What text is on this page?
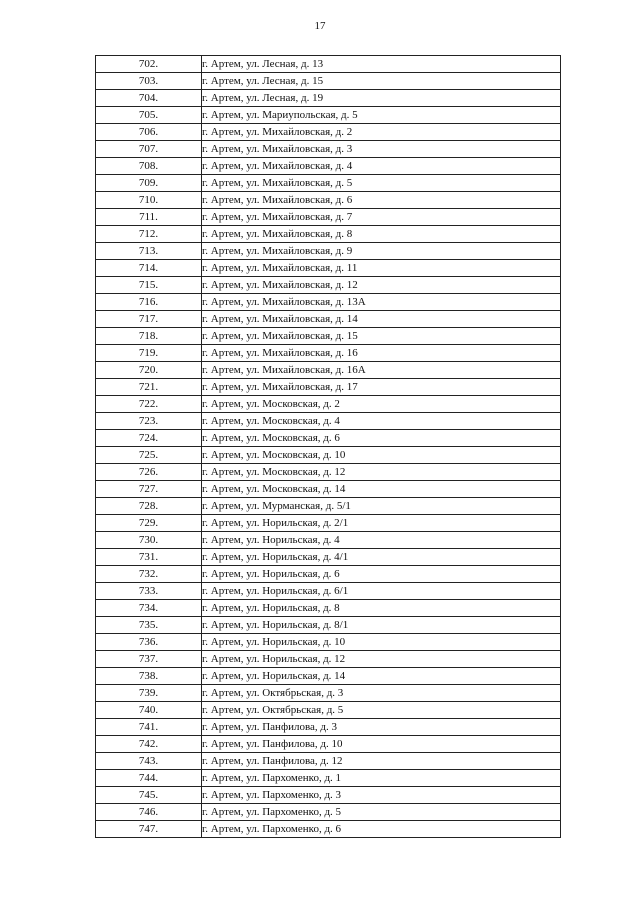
17
702.	г. Артем, ул. Лесная, д. 13
703.	г. Артем, ул. Лесная, д. 15
704.	г. Артем, ул. Лесная, д. 19
705.	г. Артем, ул. Мариупольская, д. 5
706.	г. Артем, ул. Михайловская, д. 2
707.	г. Артем, ул. Михайловская, д. 3
708.	г. Артем, ул. Михайловская, д. 4
709.	г. Артем, ул. Михайловская, д. 5
710.	г. Артем, ул. Михайловская, д. 6
711.	г. Артем, ул. Михайловская, д. 7
712.	г. Артем, ул. Михайловская, д. 8
713.	г. Артем, ул. Михайловская, д. 9
714.	г. Артем, ул. Михайловская, д. 11
715.	г. Артем, ул. Михайловская, д. 12
716.	г. Артем, ул. Михайловская, д. 13А
717.	г. Артем, ул. Михайловская, д. 14
718.	г. Артем, ул. Михайловская, д. 15
719.	г. Артем, ул. Михайловская, д. 16
720.	г. Артем, ул. Михайловская, д. 16А
721.	г. Артем, ул. Михайловская, д. 17
722.	г. Артем, ул. Московская, д. 2
723.	г. Артем, ул. Московская, д. 4
724.	г. Артем, ул. Московская, д. 6
725.	г. Артем, ул. Московская, д. 10
726.	г. Артем, ул. Московская, д. 12
727.	г. Артем, ул. Московская, д. 14
728.	г. Артем, ул. Мурманская, д. 5/1
729.	г. Артем, ул. Норильская, д. 2/1
730.	г. Артем, ул. Норильская, д. 4
731.	г. Артем, ул. Норильская, д. 4/1
732.	г. Артем, ул. Норильская, д. 6
733.	г. Артем, ул. Норильская, д. 6/1
734.	г. Артем, ул. Норильская, д. 8
735.	г. Артем, ул. Норильская, д. 8/1
736.	г. Артем, ул. Норильская, д. 10
737.	г. Артем, ул. Норильская, д. 12
738.	г. Артем, ул. Норильская, д. 14
739.	г. Артем, ул. Октябрьская, д. 3
740.	г. Артем, ул. Октябрьская, д. 5
741.	г. Артем, ул. Панфилова, д. 3
742.	г. Артем, ул. Панфилова, д. 10
743.	г. Артем, ул. Панфилова, д. 12
744.	г. Артем, ул. Пархоменко, д. 1
745.	г. Артем, ул. Пархоменко, д. 3
746.	г. Артем, ул. Пархоменко, д. 5
747.	г. Артем, ул. Пархоменко, д. 6
